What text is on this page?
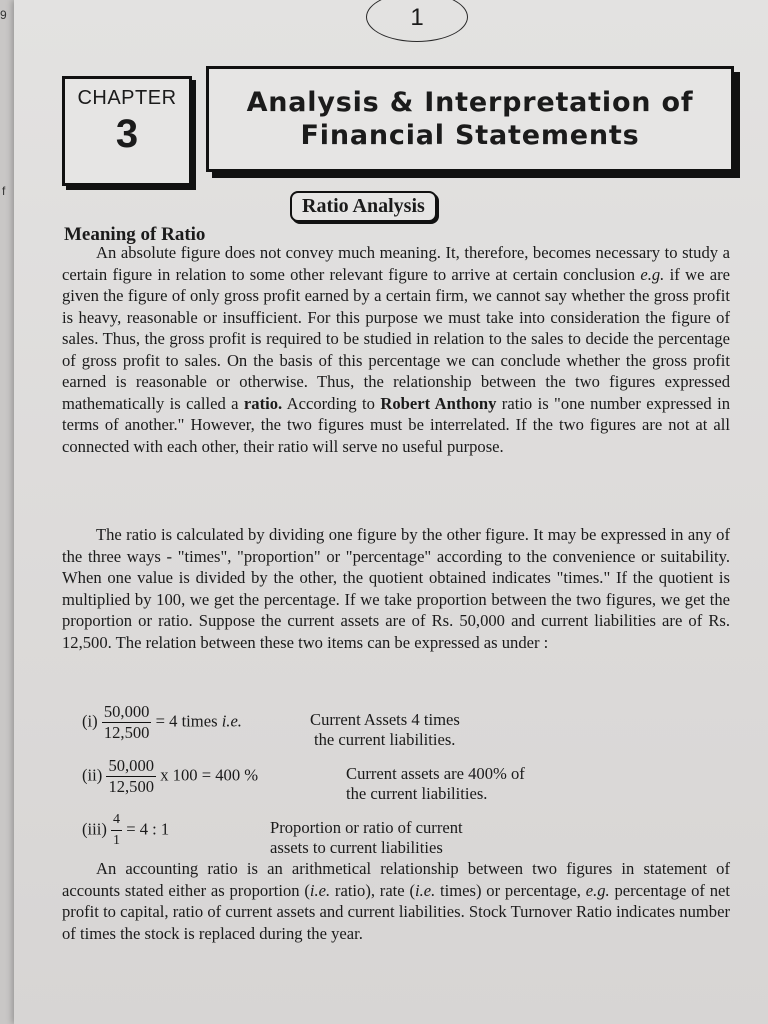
9
f
1
CHAPTER
3
Analysis & Interpretation of
Financial Statements
Ratio Analysis
Meaning of Ratio

An absolute figure does not convey much meaning. It, therefore, becomes necessary to study a certain figure in relation to some other relevant figure to arrive at certain conclusion e.g. if we are given the figure of only gross profit earned by a certain firm, we cannot say whether the gross profit is heavy, reasonable or insufficient. For this purpose we must take into consideration the figure of sales. Thus, the gross profit is required to be studied in relation to the sales to decide the percentage of gross profit to sales. On the basis of this percentage we can conclude whether the gross profit earned is reasonable or otherwise. Thus, the relationship between the two figures expressed mathematically is called a ratio. According to Robert Anthony ratio is "one number expressed in terms of another." However, the two figures must be interrelated. If the two figures are not at all connected with each other, their ratio will serve no useful purpose.

The ratio is calculated by dividing one figure by the other figure. It may be expressed in any of the three ways - "times", "proportion" or "percentage" according to the convenience or suitability. When one value is divided by the other, the quotient obtained indicates "times." If the quotient is multiplied by 100, we get the percentage. If we take proportion between the two figures, we get the proportion or ratio. Suppose the current assets are of Rs. 50,000 and current liabilities are of Rs. 12,500. The relation between these two items can be expressed as under :

$(i) \frac{50,000}{12,500} = 4$ times i.e.	Current Assets 4 times
the current liabilities.
$(ii) \frac{50,000}{12,500}$ x 100 = 400 %	Current assets are 400% of
the current liabilities.
$(iii) \frac{4}{1} = 4$ : 1	Proportion or ratio of current
assets to current liabilities

An accounting ratio is an arithmetical relationship between two figures in statement of accounts stated either as proportion (i.e. ratio), rate (i.e. times) or percentage, e.g. percentage of net profit to capital, ratio of current assets and current liabilities. Stock Turnover Ratio indicates number of times the stock is replaced during the year.
